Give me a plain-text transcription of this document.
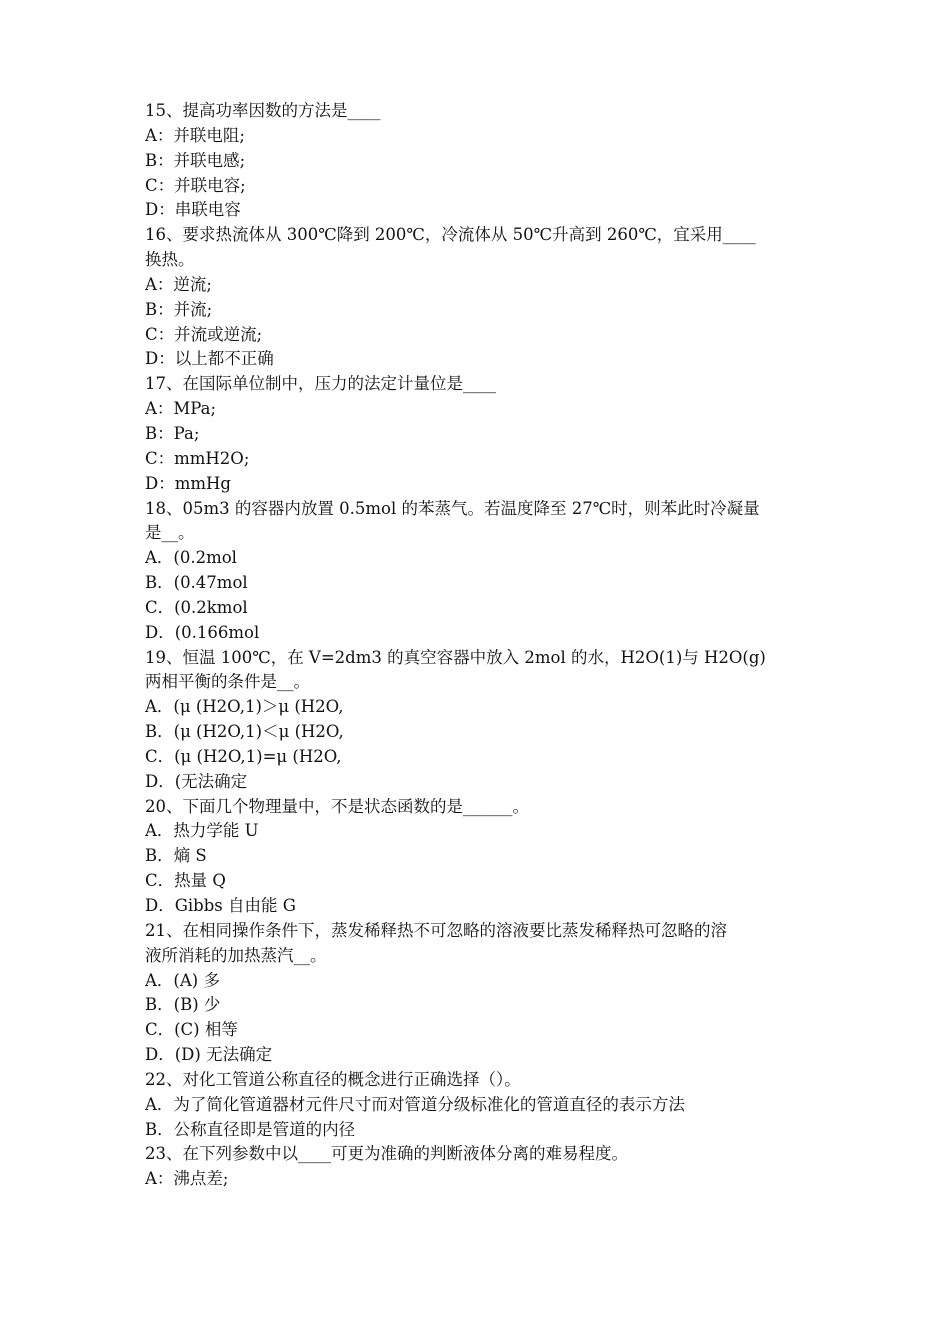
15、提高功率因数的方法是____
A：并联电阻;
B：并联电感;
C：并联电容;
D：串联电容
16、要求热流体从 300℃降到 200℃，冷流体从 50℃升高到 260℃，宜采用____
换热。
A：逆流;
B：并流;
C：并流或逆流;
D：以上都不正确
17、在国际单位制中，压力的法定计量位是____
A：MPa;
B：Pa;
C：mmH2O;
D：mmHg
18、05m3 的容器内放置 0.5mol 的苯蒸气。若温度降至 27℃时，则苯此时冷凝量
是__。
A．(0.2mol
B．(0.47mol
C．(0.2kmol
D．(0.166mol
19、恒温 100℃，在 V=2dm3 的真空容器中放入 2mol 的水，H2O(1)与 H2O(g)
两相平衡的条件是__。
A．(μ (H2O,1)＞μ (H2O,
B．(μ (H2O,1)＜μ (H2O,
C．(μ (H2O,1)=μ (H2O,
D．(无法确定
20、下面几个物理量中，不是状态函数的是______。
A．热力学能 U
B．熵 S
C．热量 Q
D．Gibbs 自由能 G
21、在相同操作条件下，蒸发稀释热不可忽略的溶液要比蒸发稀释热可忽略的溶
液所消耗的加热蒸汽__。
A．(A) 多
B．(B) 少
C．(C) 相等
D．(D) 无法确定
22、对化工管道公称直径的概念进行正确选择（）。
A．为了简化管道器材元件尺寸而对管道分级标准化的管道直径的表示方法
B．公称直径即是管道的内径
23、在下列参数中以____可更为准确的判断液体分离的难易程度。
A：沸点差;
